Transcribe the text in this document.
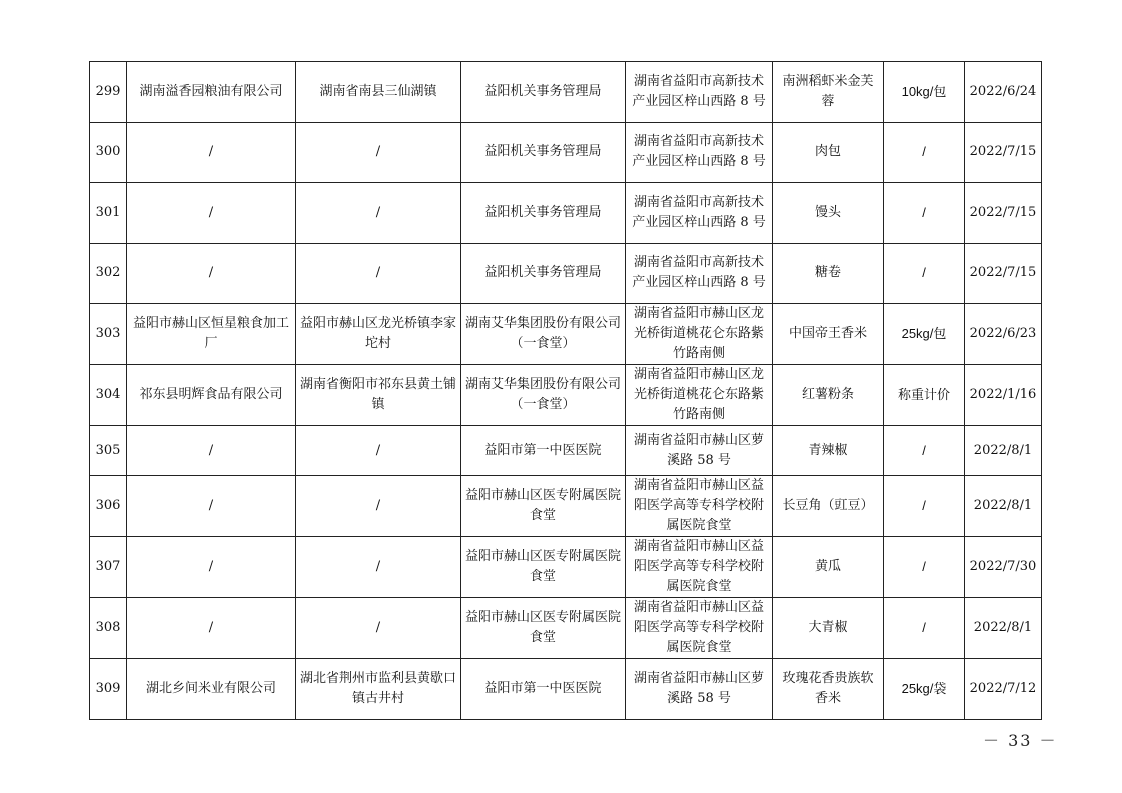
299	湖南溢香园粮油有限公司	湖南省南县三仙湖镇	益阳机关事务管理局	湖南省益阳市高新技术产业园区梓山西路 8 号	南洲稻虾米金芙蓉	10kg/包	2022/6/24
300	/	/	益阳机关事务管理局	湖南省益阳市高新技术产业园区梓山西路 8 号	肉包	/	2022/7/15
301	/	/	益阳机关事务管理局	湖南省益阳市高新技术产业园区梓山西路 8 号	馒头	/	2022/7/15
302	/	/	益阳机关事务管理局	湖南省益阳市高新技术产业园区梓山西路 8 号	糖卷	/	2022/7/15
303	益阳市赫山区恒星粮食加工厂	益阳市赫山区龙光桥镇李家坨村	湖南艾华集团股份有限公司（一食堂）	湖南省益阳市赫山区龙光桥街道桃花仑东路紫竹路南侧	中国帝王香米	25kg/包	2022/6/23
304	祁东县明辉食品有限公司	湖南省衡阳市祁东县黄土铺镇	湖南艾华集团股份有限公司（一食堂）	湖南省益阳市赫山区龙光桥街道桃花仑东路紫竹路南侧	红薯粉条	称重计价	2022/1/16
305	/	/	益阳市第一中医医院	湖南省益阳市赫山区萝溪路 58 号	青辣椒	/	2022/8/1
306	/	/	益阳市赫山区医专附属医院食堂	湖南省益阳市赫山区益阳医学高等专科学校附属医院食堂	长豆角（豇豆）	/	2022/8/1
307	/	/	益阳市赫山区医专附属医院食堂	湖南省益阳市赫山区益阳医学高等专科学校附属医院食堂	黄瓜	/	2022/7/30
308	/	/	益阳市赫山区医专附属医院食堂	湖南省益阳市赫山区益阳医学高等专科学校附属医院食堂	大青椒	/	2022/8/1
309	湖北乡间米业有限公司	湖北省荆州市监利县黄歇口镇古井村	益阳市第一中医医院	湖南省益阳市赫山区萝溪路 58 号	玫瑰花香贵族软香米	25kg/袋	2022/7/12
－ 33 －
